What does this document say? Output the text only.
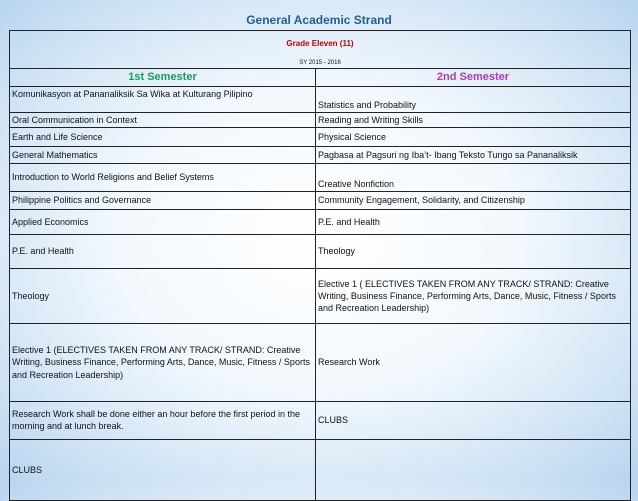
General Academic Strand
Grade Eleven (11)	

SY 2015 - 2016	

1st Semester	2nd Semester
Komunikasyon at Pananaliksik Sa Wika at Kulturang Pilipino	Statistics and Probability
Oral Communication in Context	Reading and Writing Skills
Earth and Life Science	Physical Science
General Mathematics	Pagbasa at Pagsuri ng Iba’t- Ibang Teksto Tungo sa Pananaliksik
Introduction to World Religions and Belief Systems	Creative Nonfiction
Philippine Politics and Governance	Community Engagement, Solidarity, and Citizenship
Applied Economics	P.E. and Health
P.E. and Health	Theology
Theology	Elective 1 ( ELECTIVES TAKEN FROM ANY TRACK/ STRAND: Creative Writing, Business Finance, Performing Arts, Dance, Music, Fitness / Sports and Recreation Leadership)
Elective 1 (ELECTIVES TAKEN FROM ANY TRACK/ STRAND: Creative Writing, Business Finance, Performing Arts, Dance, Music, Fitness / Sports and Recreation Leadership)	Research Work
Research Work shall be done either an hour before the first period in the morning and at lunch break.	CLUBS
CLUBS	
